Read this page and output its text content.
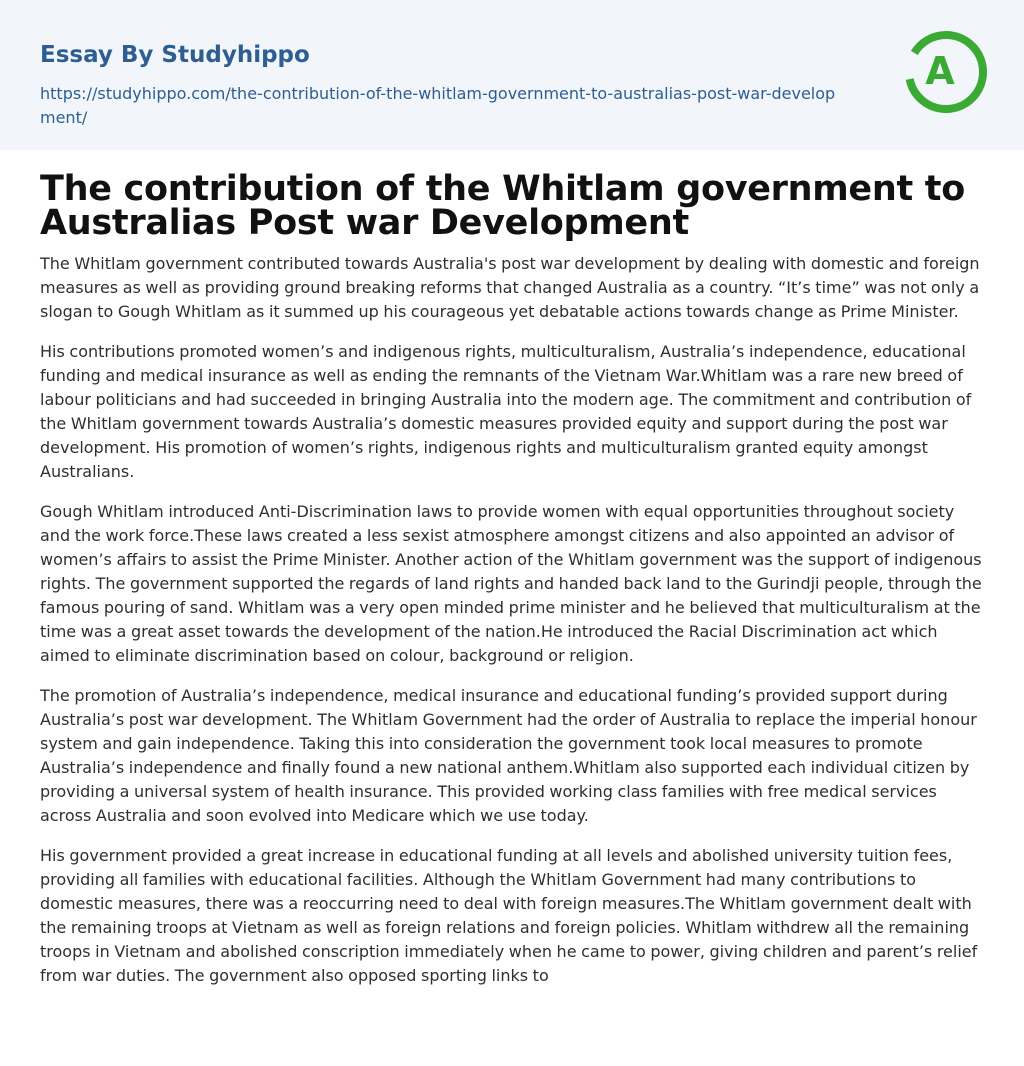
Essay By Studyhippo
https://studyhippo.com/the-contribution-of-the-whitlam-government-to-australias-post-war-development/
A
The contribution of the Whitlam government to Australias Post war Development

The Whitlam government contributed towards Australia's post war development by dealing with domestic and foreign measures as well as providing ground breaking reforms that changed Australia as a country. “It’s time” was not only a slogan to Gough Whitlam as it summed up his courageous yet debatable actions towards change as Prime Minister.

His contributions promoted women’s and indigenous rights, multiculturalism, Australia’s independence, educational funding and medical insurance as well as ending the remnants of the Vietnam War.Whitlam was a rare new breed of labour politicians and had succeeded in bringing Australia into the modern age. The commitment and contribution of the Whitlam government towards Australia’s domestic measures provided equity and support during the post war development. His promotion of women’s rights, indigenous rights and multiculturalism granted equity amongst Australians.

Gough Whitlam introduced Anti-Discrimination laws to provide women with equal opportunities throughout society and the work force.These laws created a less sexist atmosphere amongst citizens and also appointed an advisor of women’s affairs to assist the Prime Minister. Another action of the Whitlam government was the support of indigenous rights. The government supported the regards of land rights and handed back land to the Gurindji people, through the famous pouring of sand. Whitlam was a very open minded prime minister and he believed that multiculturalism at the time was a great asset towards the development of the nation.He introduced the Racial Discrimination act which aimed to eliminate discrimination based on colour, background or religion.

The promotion of Australia’s independence, medical insurance and educational funding’s provided support during Australia’s post war development. The Whitlam Government had the order of Australia to replace the imperial honour system and gain independence. Taking this into consideration the government took local measures to promote Australia’s independence and finally found a new national anthem.Whitlam also supported each individual citizen by providing a universal system of health insurance. This provided working class families with free medical services across Australia and soon evolved into Medicare which we use today.

His government provided a great increase in educational funding at all levels and abolished university tuition fees, providing all families with educational facilities. Although the Whitlam Government had many contributions to domestic measures, there was a reoccurring need to deal with foreign measures.The Whitlam government dealt with the remaining troops at Vietnam as well as foreign relations and foreign policies. Whitlam withdrew all the remaining troops in Vietnam and abolished conscription immediately when he came to power, giving children and parent’s relief from war duties. The government also opposed sporting links to
